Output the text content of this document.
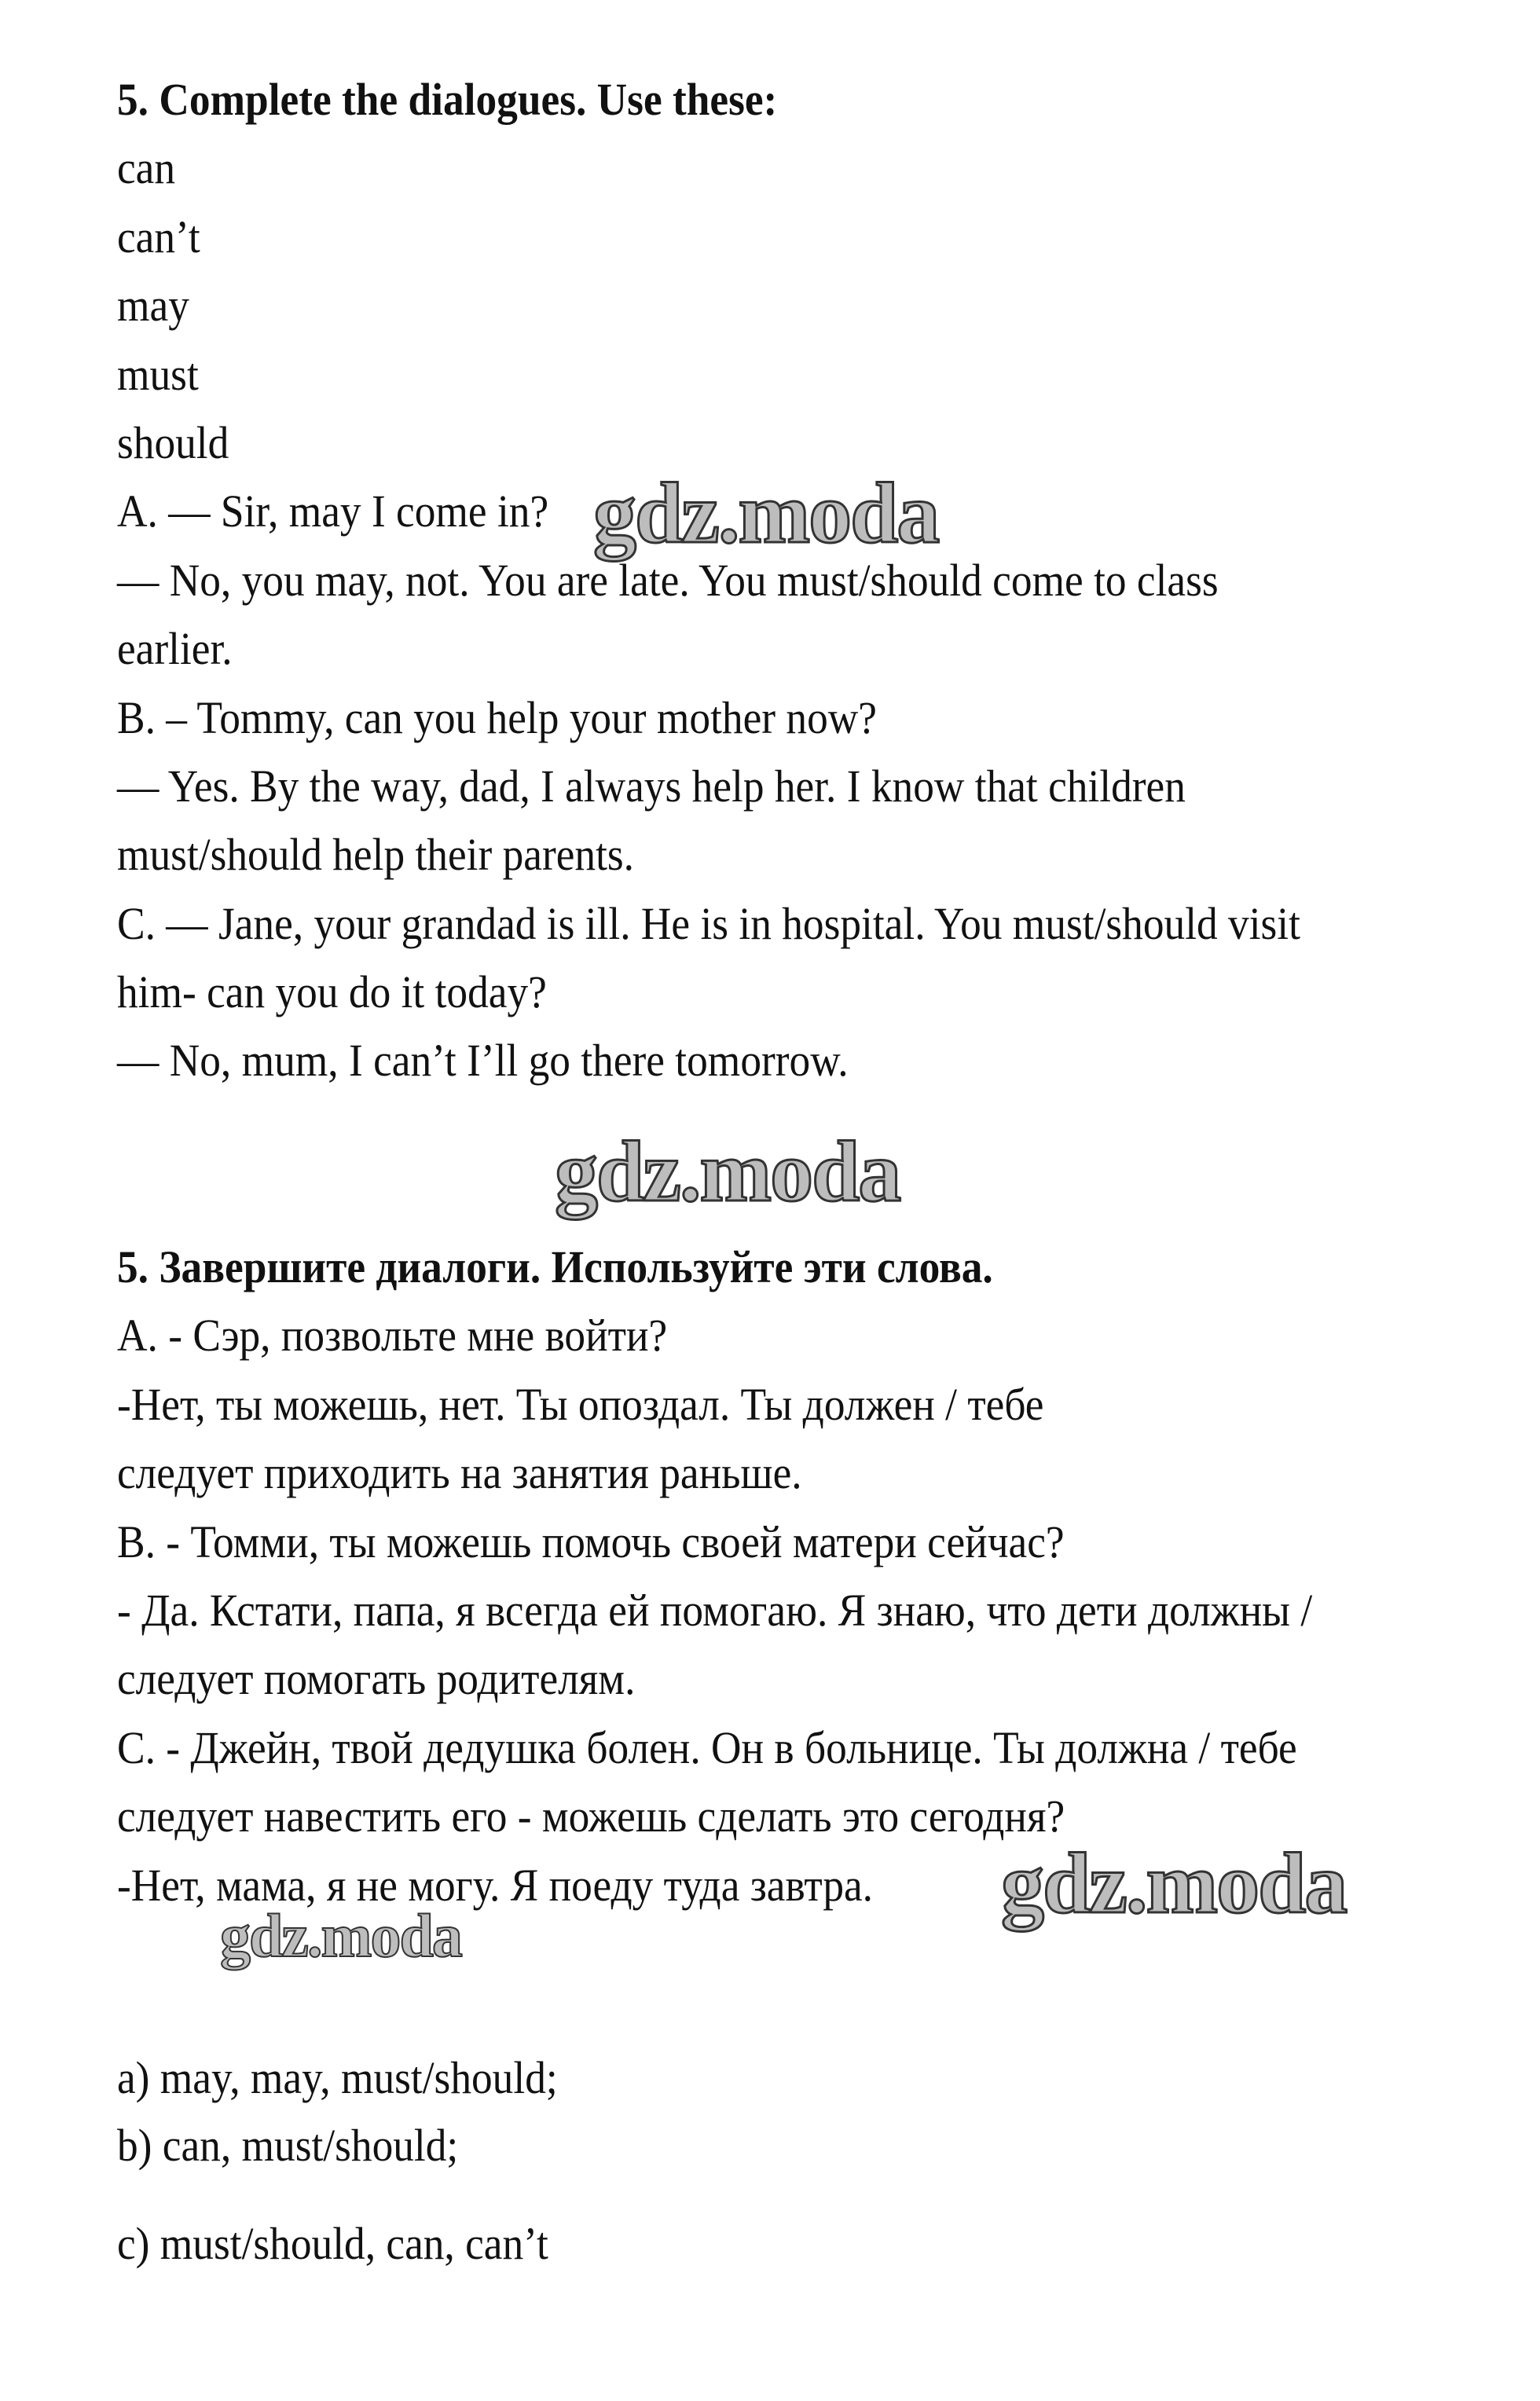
5. Complete the dialogues. Use these:
can
can’t
may
must
should
A. — Sir, may I come in?
— No, you may, not. You are late. You must/should come to class
earlier.
B. – Tommy, can you help your mother now?
— Yes. By the way, dad, I always help her. I know that children
must/should help their parents.
C. — Jane, your grandad is ill. He is in hospital. You must/should visit
him- can you do it today?
— No, mum, I can’t I’ll go there tomorrow.
5. Завершите диалоги. Используйте эти слова.
А. - Сэр, позвольте мне войти?
-Нет, ты можешь, нет. Ты опоздал. Ты должен / тебе
следует приходить на занятия раньше.
В. - Томми, ты можешь помочь своей матери сейчас?
- Да. Кстати, папа, я всегда ей помогаю. Я знаю, что дети должны /
следует помогать родителям.
С. - Джейн, твой дедушка болен. Он в больнице. Ты должна / тебе
следует навестить его - можешь сделать это сегодня?
-Нет, мама, я не могу. Я поеду туда завтра.
a) may, may, must/should;
b) can, must/should;
c) must/should, can, can’t
gdz.moda
gdz.moda
gdz.moda
gdz.moda
